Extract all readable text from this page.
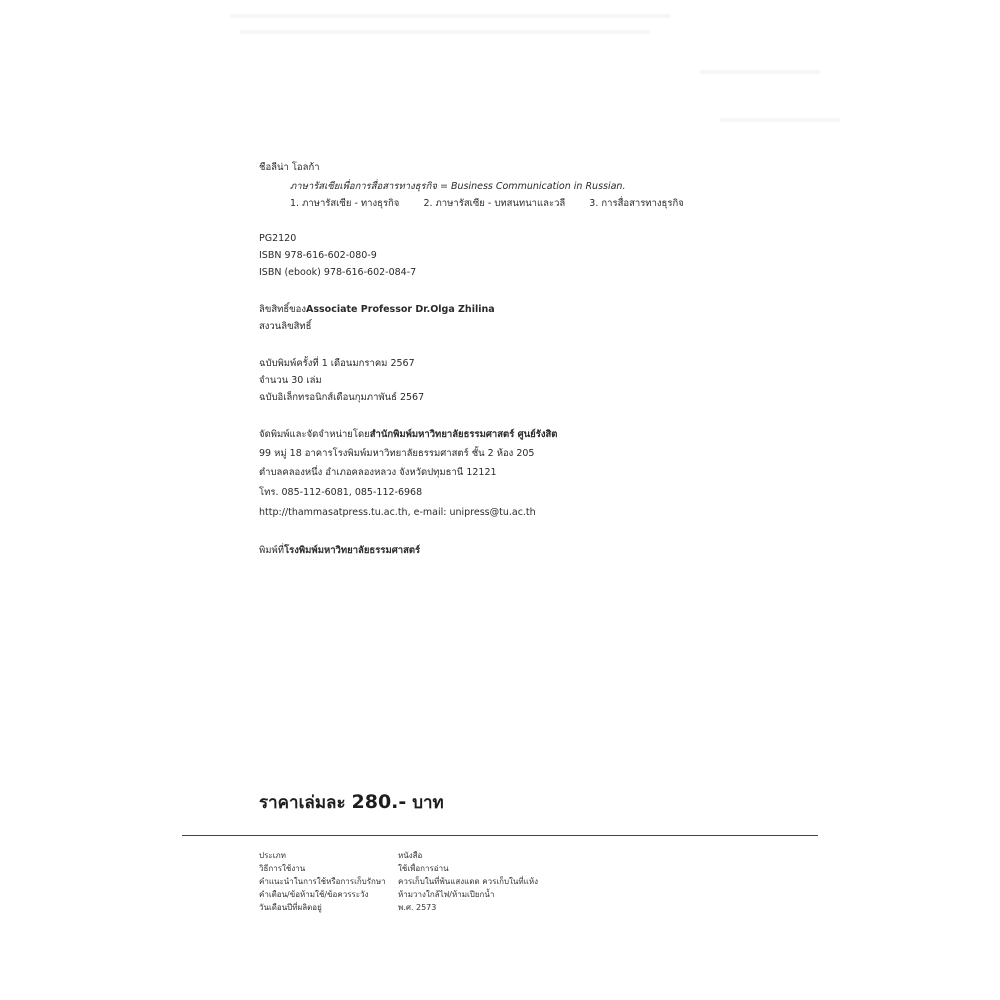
ชือลีน่า โอลก้า
ภาษารัสเซียเพื่อการสื่อสารทางธุรกิจ = Business Communication in Russian.
1. ภาษารัสเซีย - ทางธุรกิจ	2. ภาษารัสเซีย - บทสนทนาและวลี	3. การสื่อสารทางธุรกิจ
PG2120
ISBN 978-616-602-080-9
ISBN (ebook) 978-616-602-084-7
ลิขสิทธิ์ของAssociate Professor Dr.Olga Zhilina
สงวนลิขสิทธิ์
ฉบับพิมพ์ครั้งที่ 1 เดือนมกราคม 2567
จำนวน 30 เล่ม
ฉบับอิเล็กทรอนิกส์เดือนกุมภาพันธ์ 2567
จัดพิมพ์และจัดจำหน่ายโดยสำนักพิมพ์มหาวิทยาลัยธรรมศาสตร์ ศูนย์รังสิต
99 หมู่ 18 อาคารโรงพิมพ์มหาวิทยาลัยธรรมศาสตร์ ชั้น 2 ห้อง 205
ตำบลคลองหนึ่ง อำเภอคลองหลวง จังหวัดปทุมธานี 12121
โทร. 085-112-6081, 085-112-6968
http://thammasatpress.tu.ac.th, e-mail: unipress@tu.ac.th
พิมพ์ที่โรงพิมพ์มหาวิทยาลัยธรรมศาสตร์
ราคาเล่มละ 280.- บาท
ประเภท
วิธีการใช้งาน
คำแนะนำในการใช้หรือการเก็บรักษา
คำเตือน/ข้อห้ามใช้/ข้อควรระวัง
วันเดือนปีที่ผลิตอยู่
หนังสือ
ใช้เพื่อการอ่าน
ควรเก็บในที่พ้นแสงแดด ควรเก็บในที่แห้ง
ห้ามวางใกล้ไฟ/ห้ามเปียกน้ำ
พ.ศ. 2573
